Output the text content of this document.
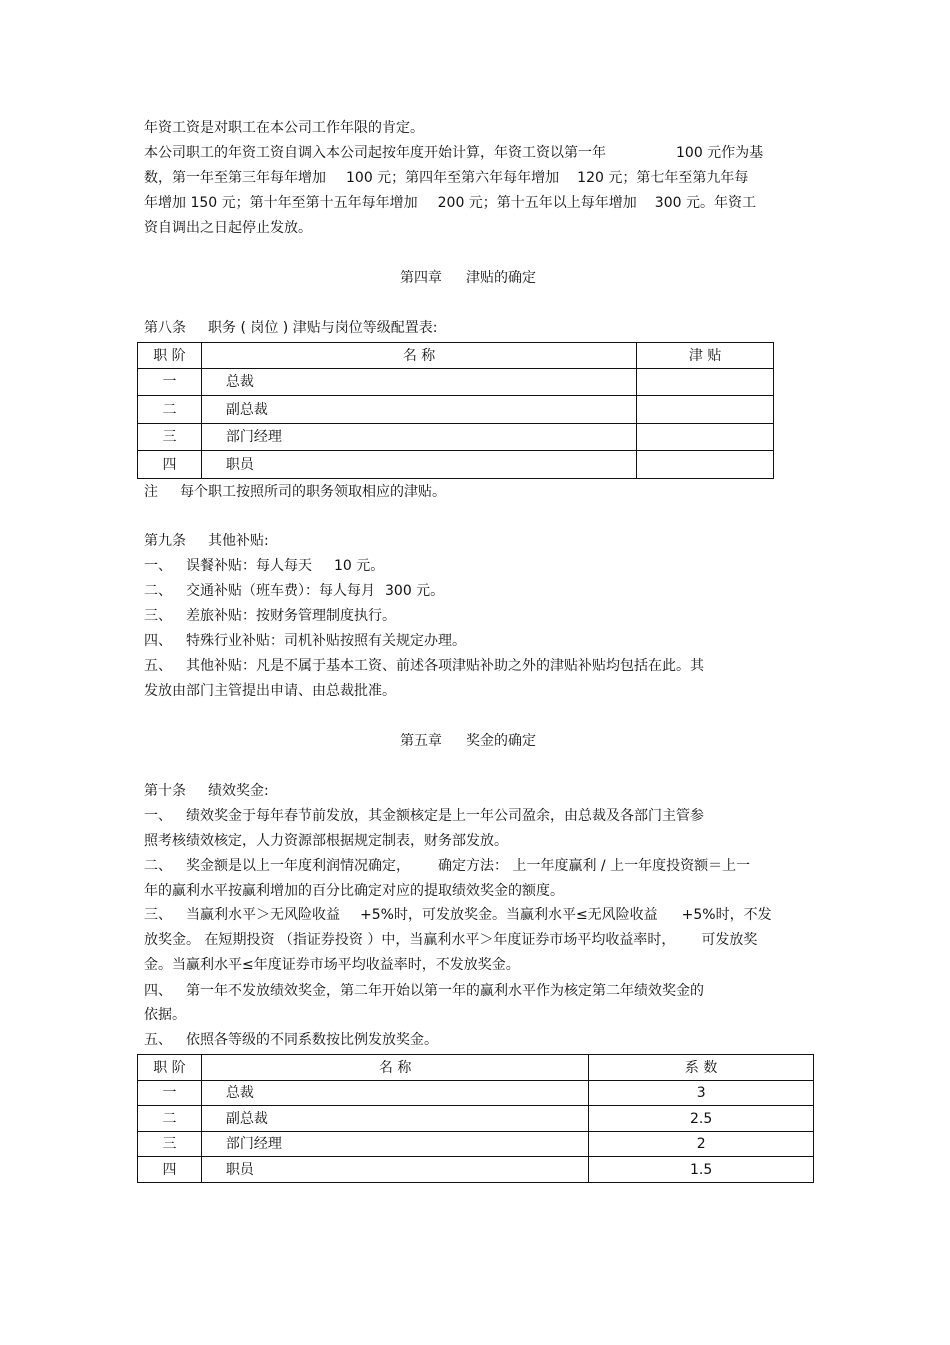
年资工资是对职工在本公司工作年限的肯定。
本公司职工的年资工资自调入本公司起按年度开始计算，年资工资以第一年	100 元作为基
数，第一年至第三年每年增加 100 元；第四年至第六年每年增加 120 元；第七年至第九年每
年增加 150 元；第十年至第十五年每年增加 200 元；第十五年以上每年增加 300 元。年资工
资自调出之日起停止发放。
第四章 津贴的确定
第八条 职务 ( 岗位 ) 津贴与岗位等级配置表:
职 阶	名 称	津 贴
一	总裁	
二	副总裁	
三	部门经理	
四	职员	
注 每个职工按照所司的职务领取相应的津贴。
第九条 其他补贴:
一、 误餐补贴：每人每天 10 元。
二、 交通补贴（班车费）：每人每月 300 元。
三、 差旅补贴：按财务管理制度执行。
四、 特殊行业补贴：司机补贴按照有关规定办理。
五、 其他补贴：凡是不属于基本工资、前述各项津贴补助之外的津贴补贴均包括在此。其
发放由部门主管提出申请、由总裁批准。
第五章 奖金的确定
第十条 绩效奖金:
一、 绩效奖金于每年春节前发放，其金额核定是上一年公司盈余，由总裁及各部门主管参
照考核绩效核定，人力资源部根据规定制表，财务部发放。
二、 奖金额是以上一年度利润情况确定， 确定方法： 上一年度赢利 / 上一年度投资额＝上一
年的赢利水平按赢利增加的百分比确定对应的提取绩效奖金的额度。
三、 当赢利水平＞无风险收益 +5%时，可发放奖金。当赢利水平≤无风险收益 +5%时，不发
放奖金。 在短期投资 （指证券投资 ）中，当赢利水平＞年度证券市场平均收益率时， 可发放奖
金。当赢利水平≤年度证券市场平均收益率时，不发放奖金。
四、 第一年不发放绩效奖金，第二年开始以第一年的赢利水平作为核定第二年绩效奖金的
依据。
五、 依照各等级的不同系数按比例发放奖金。
职 阶	名 称	系 数
一	总裁	3
二	副总裁	2.5
三	部门经理	2
四	职员	1.5
